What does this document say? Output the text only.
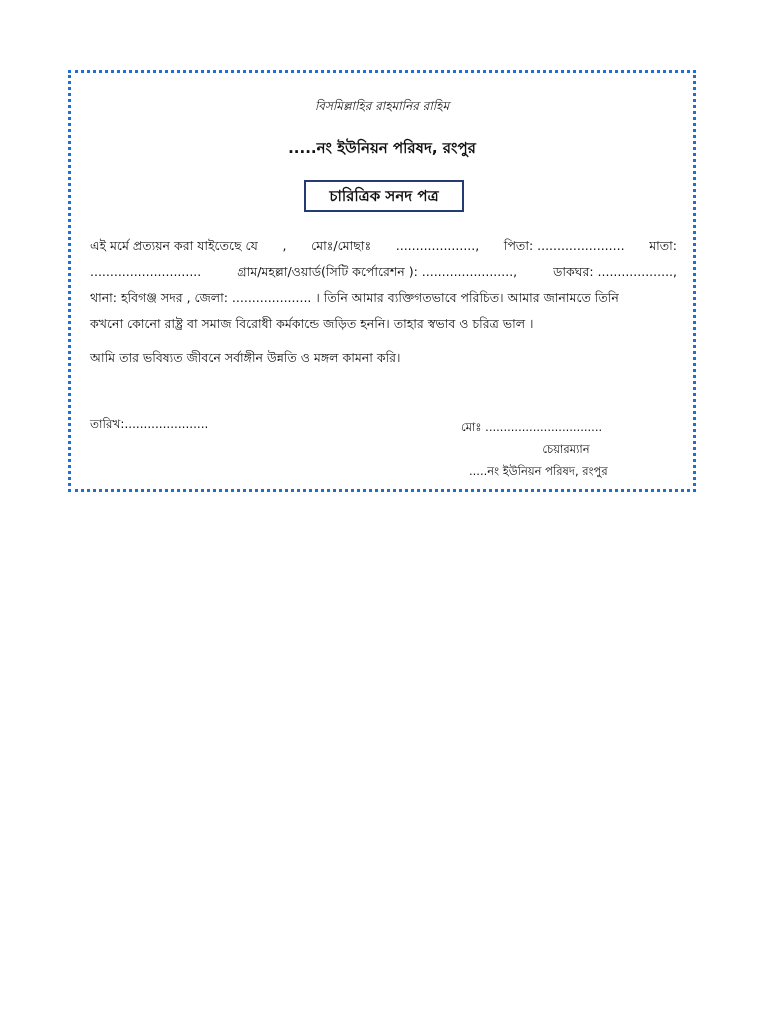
বিসমিল্লাহির রাহমানির রাহিম
.....নং ইউনিয়ন পরিষদ, রংপুর
চারিত্রিক সনদ পত্র
এই মর্মে প্রত্যয়ন করা যাইতেছে যে , মোঃ/মোছাঃ ...................., পিতা: ...................... মাতা:
............................	গ্রাম/মহল্লা/ওয়ার্ড(সিটি কর্পোরেশন ): .......................,	ডাকঘর: ...................,
থানা: হবিগঞ্জ সদর , জেলা: .................... । তিনি আমার ব্যক্তিগতভাবে পরিচিত। আমার জানামতে তিনি
কখনো কোনো রাষ্ট্র বা সমাজ বিরোধী কর্মকান্ডে জড়িত হননি। তাহার স্বভাব ও চরিত্র ভাল ।
আমি তার ভবিষ্যত জীবনে সর্বাঙ্গীন উন্নতি ও মঙ্গল কামনা করি।
তারিখ:......................	মোঃ ................................
চেয়ারম্যান
.....নং ইউনিয়ন পরিষদ, রংপুর
